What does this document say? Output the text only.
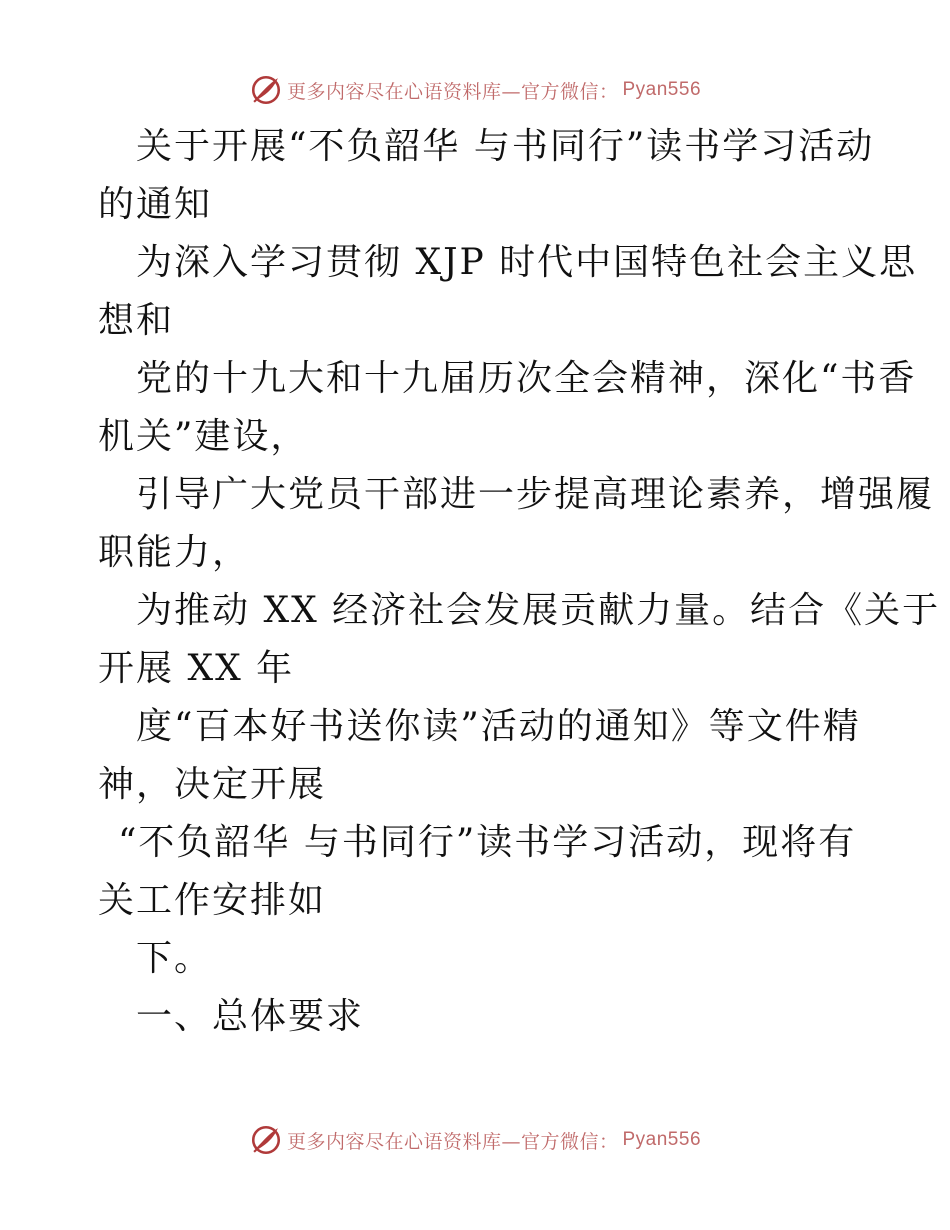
更多内容尽在心语资料库—官方微信： Pyan556
关于开展“不负韶华 与书同行”读书学习活动
的通知
为深入学习贯彻 XJP 时代中国特色社会主义思
想和
党的十九大和十九届历次全会精神，深化“书香
机关”建设，
引导广大党员干部进一步提高理论素养，增强履
职能力，
为推动 XX 经济社会发展贡献力量。结合《关于
开展 XX 年
度“百本好书送你读”活动的通知》等文件精
神，决定开展
“不负韶华 与书同行”读书学习活动，现将有
关工作安排如
下。
一、总体要求
更多内容尽在心语资料库—官方微信： Pyan556
